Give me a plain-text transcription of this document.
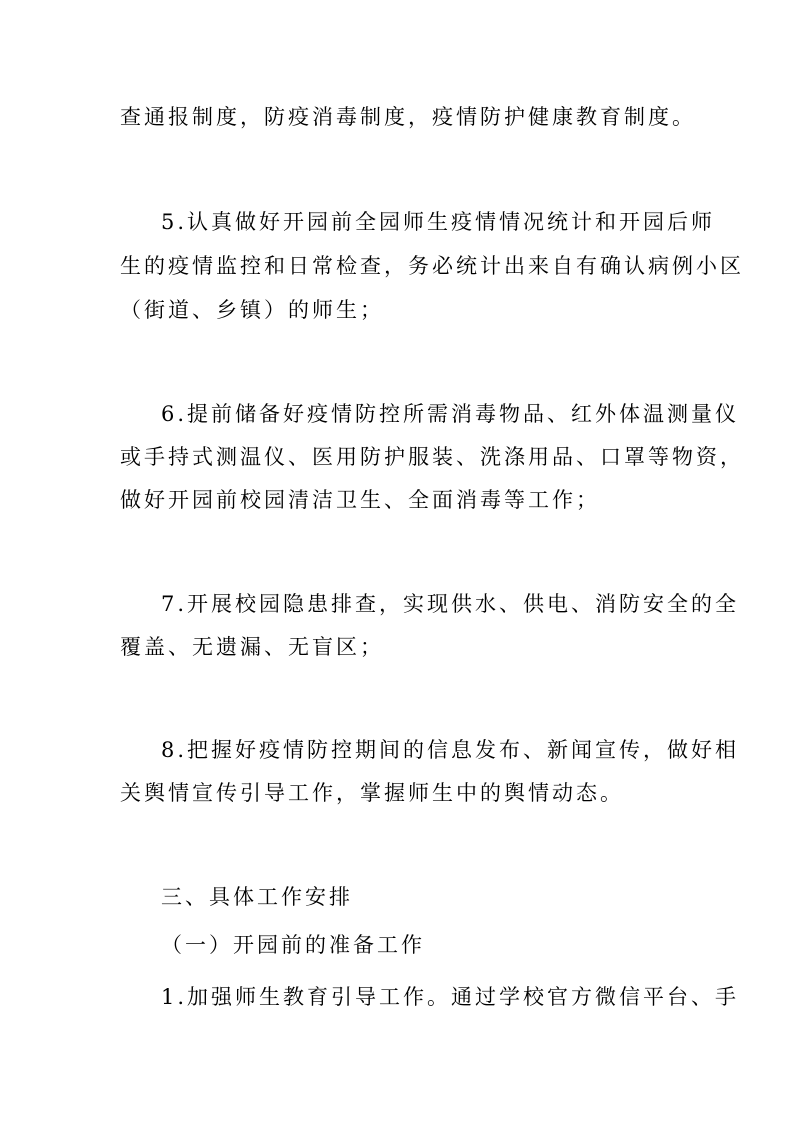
查通报制度，防疫消毒制度，疫情防护健康教育制度。
5.认真做好开园前全园师生疫情情况统计和开园后师
生的疫情监控和日常检查，务必统计出来自有确认病例小区
（街道、乡镇）的师生；
6.提前储备好疫情防控所需消毒物品、红外体温测量仪
或手持式测温仪、医用防护服装、洗涤用品、口罩等物资，
做好开园前校园清洁卫生、全面消毒等工作；
7.开展校园隐患排查，实现供水、供电、消防安全的全
覆盖、无遗漏、无盲区；
8.把握好疫情防控期间的信息发布、新闻宣传，做好相
关舆情宣传引导工作，掌握师生中的舆情动态。
三、具体工作安排
（一）开园前的准备工作
1.加强师生教育引导工作。通过学校官方微信平台、手
